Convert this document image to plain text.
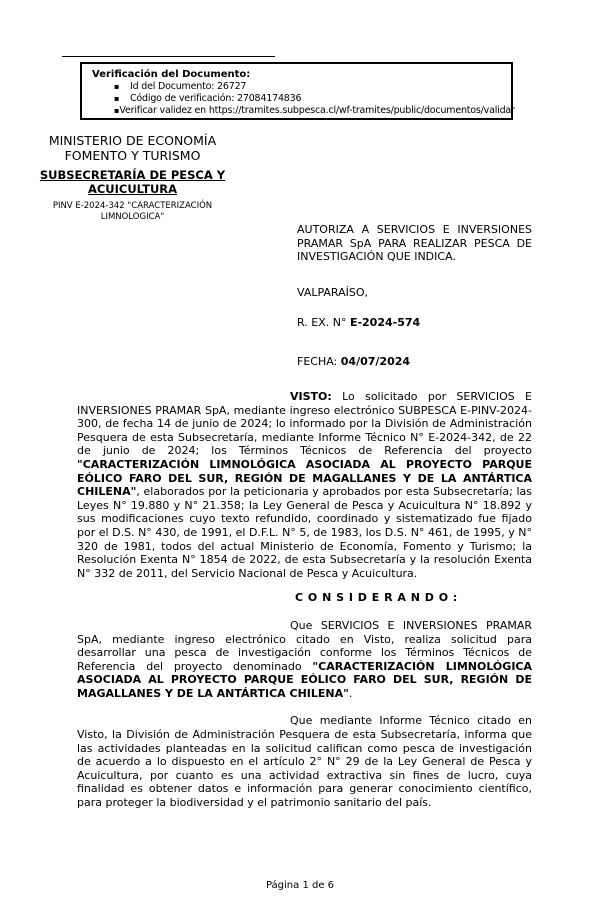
Verificación del Documento:
▪	Id del Documento: 26727
▪	Código de verificación: 27084174836
▪ Verificar validez en https://tramites.subpesca.cl/wf-tramites/public/documentos/validar
MINISTERIO DE ECONOMÍA
FOMENTO Y TURISMO
SUBSECRETARÍA DE PESCA Y
ACUICULTURA
PINV E-2024-342 "CARACTERIZACIÓN LIMNOLOGICA"
AUTORIZA A SERVICIOS E INVERSIONES PRAMAR SpA PARA REALIZAR PESCA DE INVESTIGACIÓN QUE INDICA.
VALPARAÍSO,
R. EX. N° E-2024-574
FECHA: 04/07/2024

VISTO: Lo solicitado por SERVICIOS E INVERSIONES PRAMAR SpA, mediante ingreso electrónico SUBPESCA E-PINV-2024-300, de fecha 14 de junio de 2024; lo informado por la División de Administración Pesquera de esta Subsecretaría, mediante Informe Técnico N° E-2024-342, de 22 de junio de 2024; los Términos Técnicos de Referencia del proyecto "CARACTERIZACIÓN LIMNOLÓGICA ASOCIADA AL PROYECTO PARQUE EÓLICO FARO DEL SUR, REGIÓN DE MAGALLANES Y DE LA ANTÁRTICA CHILENA", elaborados por la peticionaria y aprobados por esta Subsecretaría; las Leyes N° 19.880 y N° 21.358; la Ley General de Pesca y Acuicultura N° 18.892 y sus modificaciones cuyo texto refundido, coordinado y sistematizado fue fijado por el D.S. N° 430, de 1991, el D.F.L. N° 5, de 1983, los D.S. N° 461, de 1995, y N° 320 de 1981, todos del actual Ministerio de Economía, Fomento y Turismo; la Resolución Exenta N° 1854 de 2022, de esta Subsecretaría y la resolución Exenta N° 332 de 2011, del Servicio Nacional de Pesca y Acuicultura.

C O N S I D E R A N D O :

Que SERVICIOS E INVERSIONES PRAMAR SpA, mediante ingreso electrónico citado en Visto, realiza solicitud para desarrollar una pesca de investigación conforme los Términos Técnicos de Referencia del proyecto denominado "CARACTERIZACIÓN LIMNOLÓGICA ASOCIADA AL PROYECTO PARQUE EÓLICO FARO DEL SUR, REGIÓN DE MAGALLANES Y DE LA ANTÁRTICA CHILENA".

Que mediante Informe Técnico citado en Visto, la División de Administración Pesquera de esta Subsecretaría, informa que las actividades planteadas en la solicitud califican como pesca de investigación de acuerdo a lo dispuesto en el artículo 2° N° 29 de la Ley General de Pesca y Acuicultura, por cuanto es una actividad extractiva sin fines de lucro, cuya finalidad es obtener datos e información para generar conocimiento científico, para proteger la biodiversidad y el patrimonio sanitario del país.

Página 1 de 6
